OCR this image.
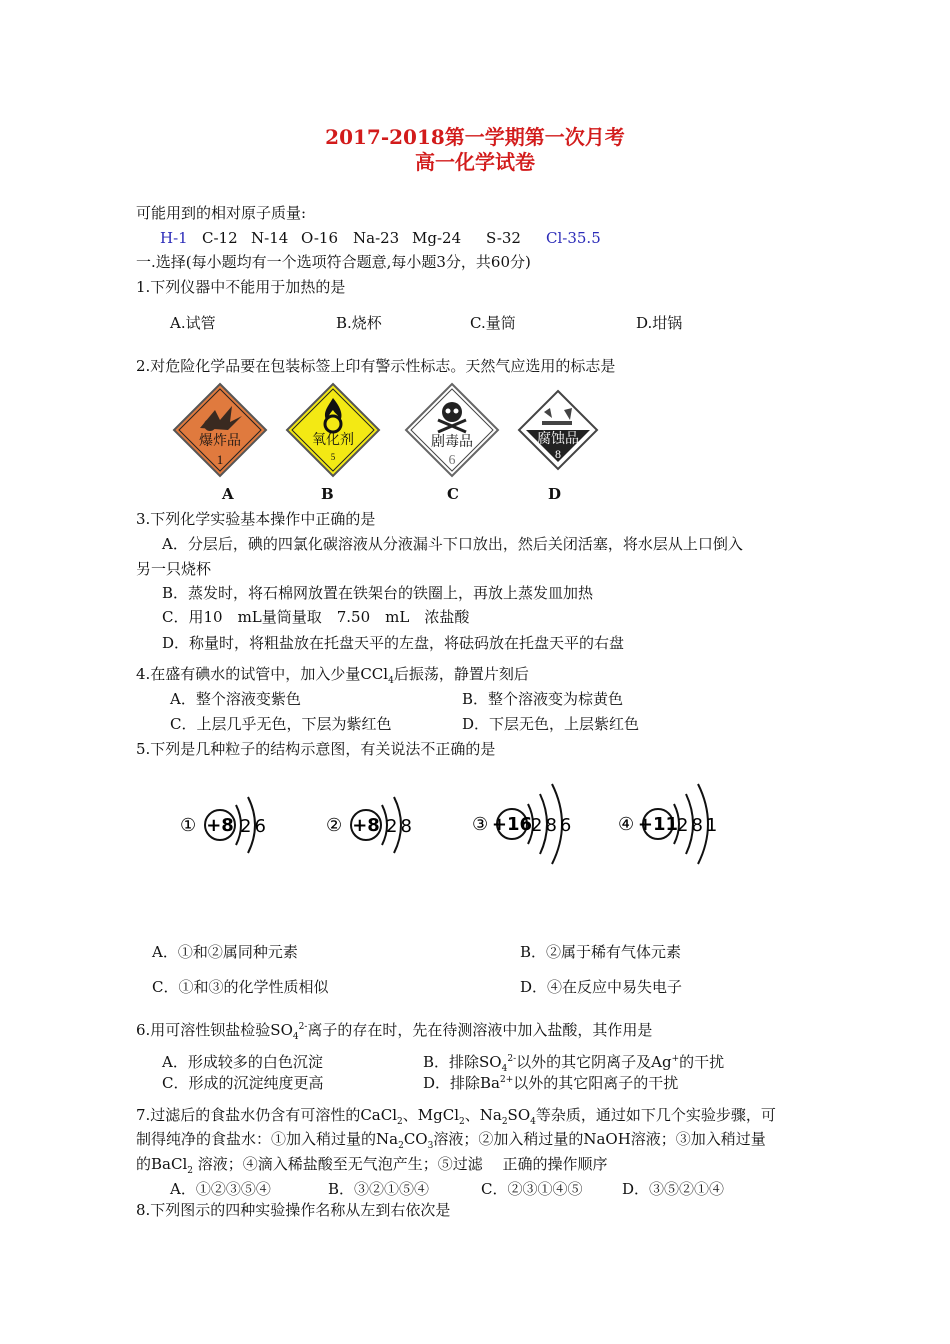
2017-2018第一学期第一次月考
高一化学试卷
可能用到的相对原子质量:
H-1 C-12 N-14 O-16 Na-23 Mg-24 S-32 Cl-35.5
一.选择(每小题均有一个选项符合题意,每小题3分，共60分)
1.下列仪器中不能用于加热的是
A.试管	B.烧杯	C.量筒	D.坩锅
2.对危险化学品要在包装标签上印有警示性标志。天然气应选用的标志是
爆炸品
1
氧化剂
5
剧毒品
6
腐蚀品
8
A	B	C	D
3.下列化学实验基本操作中正确的是
A．分层后，碘的四氯化碳溶液从分液漏斗下口放出，然后关闭活塞，将水层从上口倒入
另一只烧杯
B．蒸发时，将石棉网放置在铁架台的铁圈上，再放上蒸发皿加热
C．用10　mL量筒量取　7.50　mL　浓盐酸
D．称量时，将粗盐放在托盘天平的左盘，将砝码放在托盘天平的右盘
4.在盛有碘水的试管中，加入少量CCl$_4$后振荡，静置片刻后
A．整个溶液变紫色	B．整个溶液变为棕黄色
C．上层几乎无色，下层为紫红色	D．下层无色，上层紫红色
5.下列是几种粒子的结构示意图，有关说法不正确的是
① +8 26	② +8 28	③ +16
286 ④ +11
281
A．①和②属同种元素	B．②属于稀有气体元素
C．①和③的化学性质相似	D．④在反应中易失电子
6.用可溶性钡盐检验$SO_4^{2-}$离子的存在时，先在待测溶液中加入盐酸，其作用是
A．形成较多的白色沉淀	B．排除$SO_4^{2-}$以外的其它阴离子及Ag+的干扰
C．形成的沉淀纯度更高	D．排除$Ba^{2+}$以外的其它阳离子的干扰
7.过滤后的食盐水仍含有可溶性的CaCl$_2$、MgCl$_2$、$Na_2SO_4$等杂质，通过如下几个实验步骤，可
制得纯净的食盐水：①加入稍过量的$Na_2CO_3$溶液；②加入稍过量的NaOH溶液；③加入稍过量
的BaCl$_2$ 溶液；④滴入稀盐酸至无气泡产生；⑤过滤　 正确的操作顺序
A．①②③⑤④	B．③②①⑤④	C．②③①④⑤	D．③⑤②①④
8.下列图示的四种实验操作名称从左到右依次是
